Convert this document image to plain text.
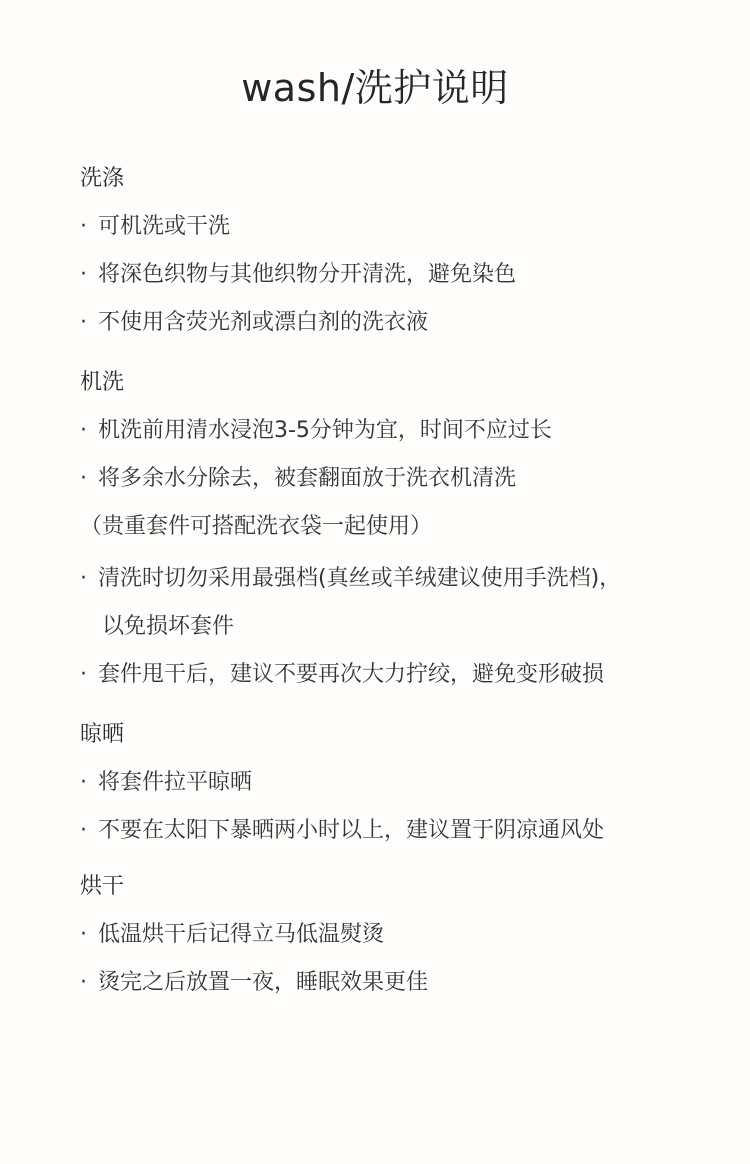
wash/洗护说明
洗涤
· 可机洗或干洗
· 将深色织物与其他织物分开清洗，避免染色
· 不使用含荧光剂或漂白剂的洗衣液
机洗
· 机洗前用清水浸泡3-5分钟为宜，时间不应过长
· 将多余水分除去，被套翻面放于洗衣机清洗
（贵重套件可搭配洗衣袋一起使用）
· 清洗时切勿采用最强档(真丝或羊绒建议使用手洗档)，
以免损坏套件
· 套件甩干后，建议不要再次大力拧绞，避免变形破损
晾晒
· 将套件拉平晾晒
· 不要在太阳下暴晒两小时以上，建议置于阴凉通风处
烘干
· 低温烘干后记得立马低温熨烫
· 烫完之后放置一夜，睡眠效果更佳
